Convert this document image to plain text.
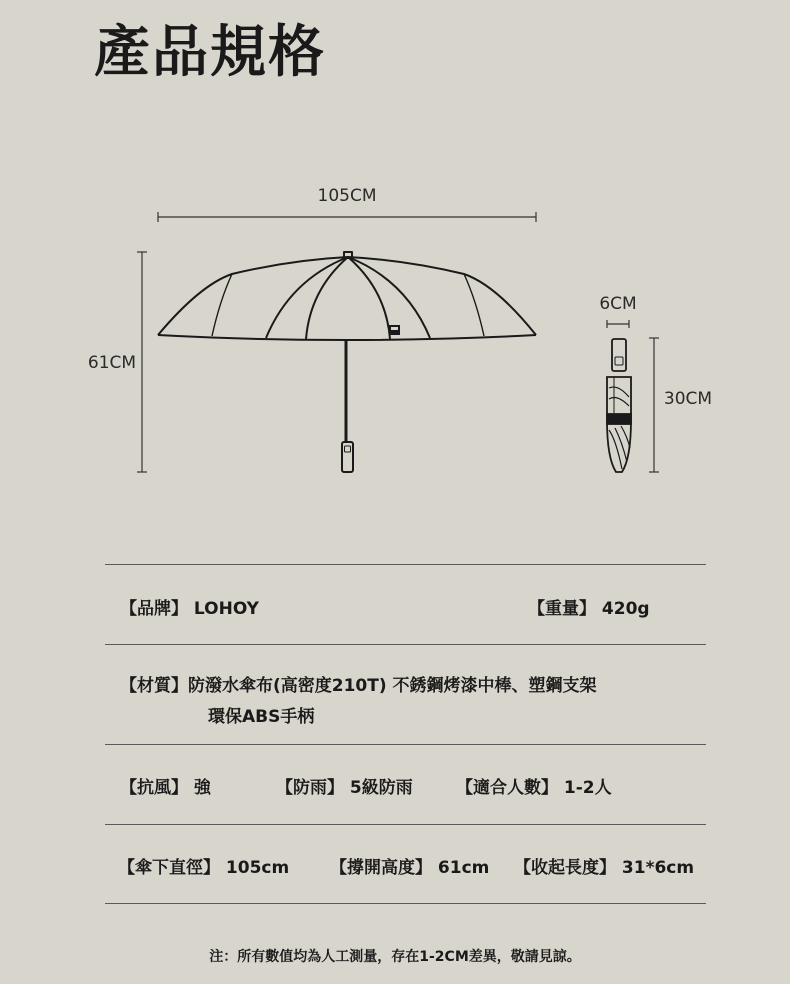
產品規格
105CM
61CM
6CM
30CM
【品牌】 LOHOY	【重量】 420g
【材質】防潑水傘布(高密度210T) 不銹鋼烤漆中棒、塑鋼支架
環保ABS手柄
【抗風】 強	【防雨】 5級防雨	【適合人數】 1-2人
【傘下直徑】 105cm 【撐開高度】 61cm 【收起長度】 31*6cm
注：所有數值均為人工測量，存在1-2CM差異，敬請見諒。
